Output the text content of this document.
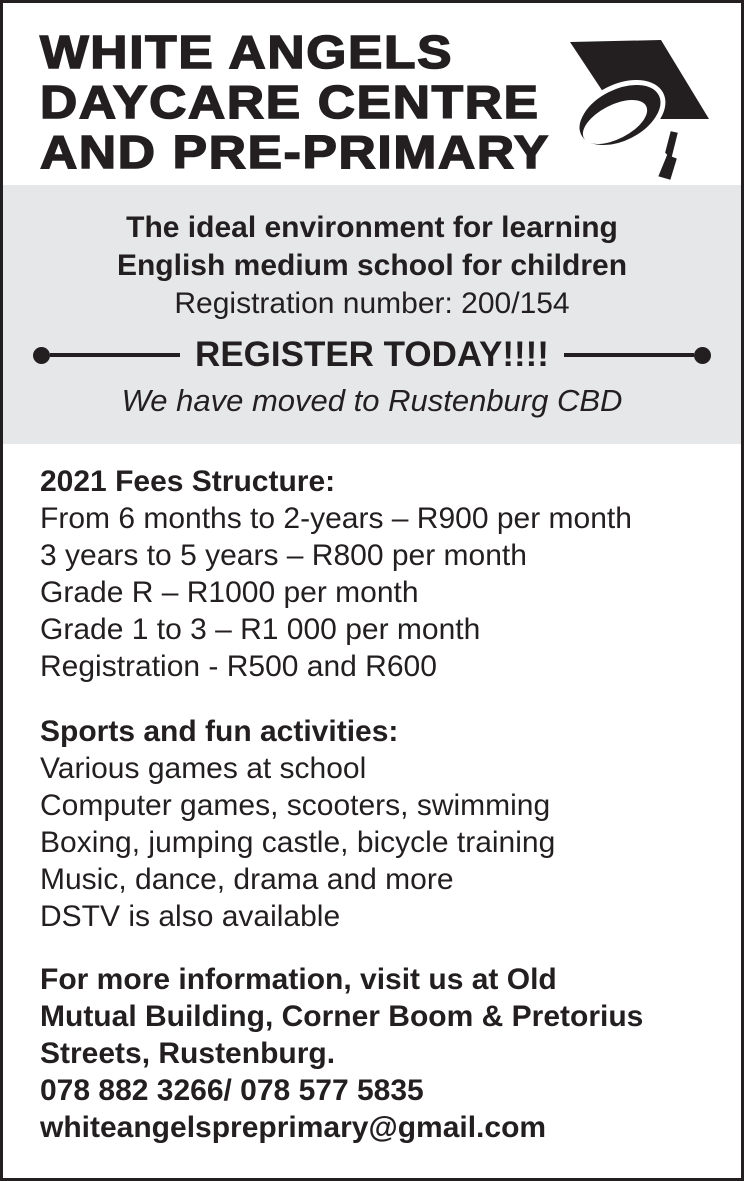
WHITE ANGELS
DAYCARE CENTRE
AND PRE-PRIMARY

The ideal environment for learning

English medium school for children

Registration number: 200/154

REGISTER TODAY!!!!

We have moved to Rustenburg CBD

2021 Fees Structure:

From 6 months to 2-years – R900 per month

3 years to 5 years – R800 per month

Grade R – R1000 per month

Grade 1 to 3 – R1 000 per month

Registration - R500 and R600

Sports and fun activities:

Various games at school

Computer games, scooters, swimming

Boxing, jumping castle, bicycle training

Music, dance, drama and more

DSTV is also available

For more information, visit us at Old

Mutual Building, Corner Boom & Pretorius

Streets, Rustenburg.

078 882 3266/ 078 577 5835

whiteangelspreprimary@gmail.com
